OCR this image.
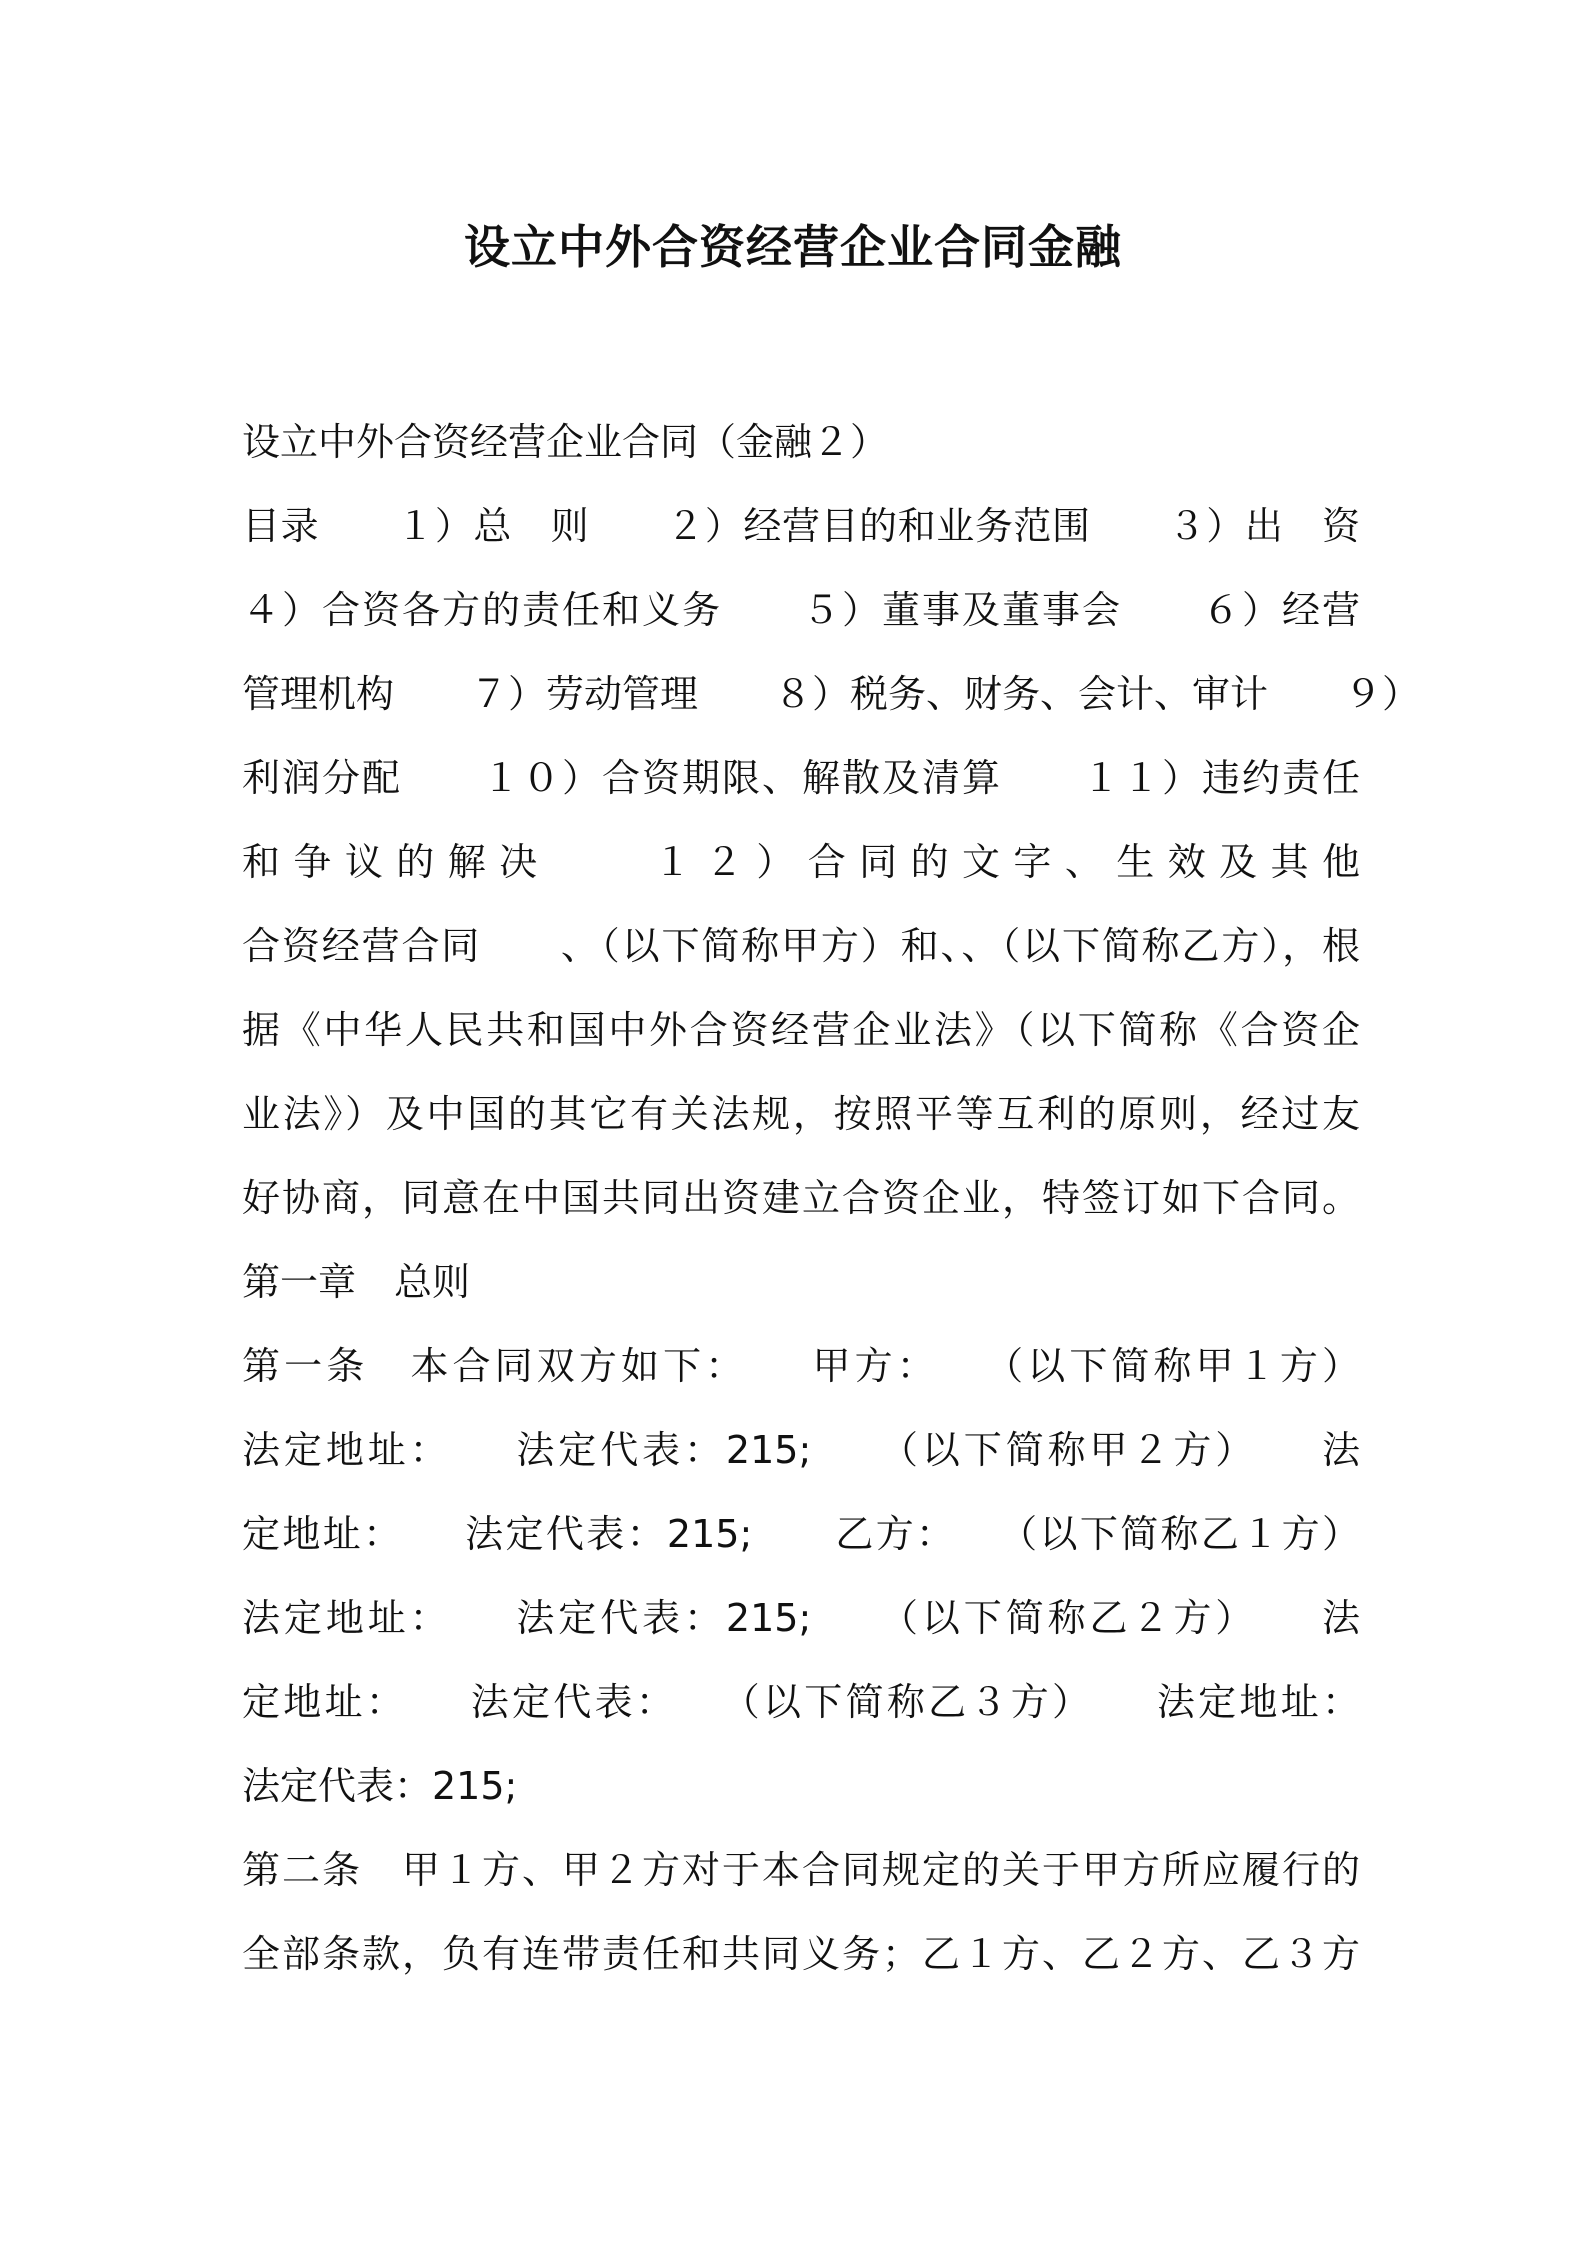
设立中外合资经营企业合同金融
设立中外合资经营企业合同（金融２）
目录　　１）总　则　　２）经营目的和业务范围　　３）出　资
４）合资各方的责任和义务　　５）董事及董事会　　６）经营
管理机构　　７）劳动管理　　８）税务、财务、会计、审计　　９）
利润分配　　１０）合资期限、解散及清算　　１１）违约责任
和争议的解决　　１２）合同的文字、生效及其他
合资经营合同　　、（以下简称甲方）和、、（以下简称乙方），根
据《中华人民共和国中外合资经营企业法》（以下简称《合资企
业法》）及中国的其它有关法规，按照平等互利的原则，经过友
好协商，同意在中国共同出资建立合资企业，特签订如下合同。
第一章　总则
第一条　本合同双方如下：　　甲方：　　（以下简称甲１方）
法定地址：　　法定代表：215;　　（以下简称甲２方）　　法
定地址：　　法定代表：215;　　乙方：　　（以下简称乙１方）
法定地址：　　法定代表：215;　　（以下简称乙２方）　　法
定地址：　　法定代表：　　（以下简称乙３方）　　法定地址：
法定代表：215;
第二条　甲１方、甲２方对于本合同规定的关于甲方所应履行的
全部条款，负有连带责任和共同义务；乙１方、乙２方、乙３方
